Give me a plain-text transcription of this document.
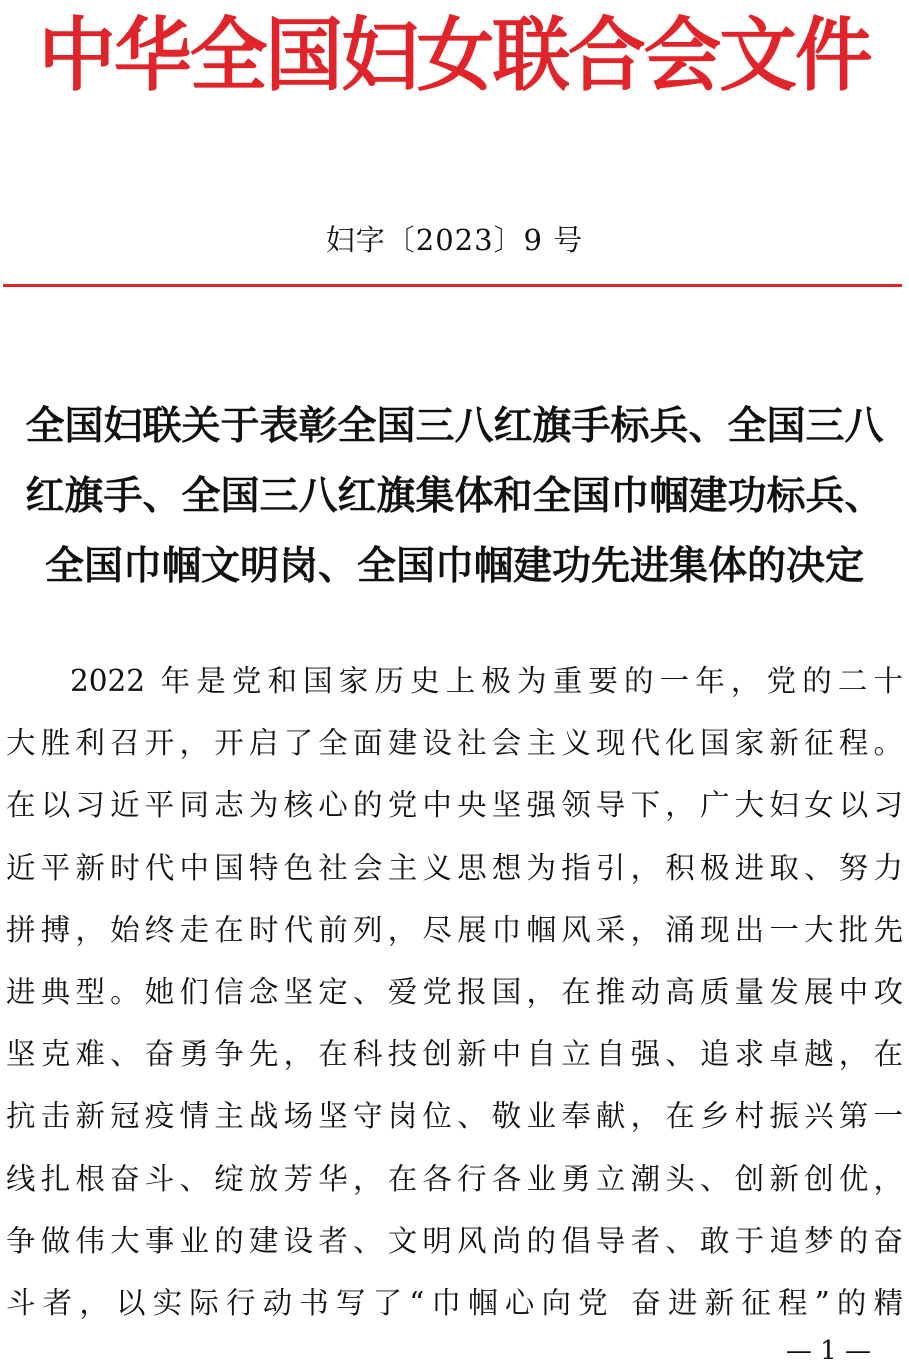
中华全国妇女联合会文件
妇字〔2023〕9 号
全国妇联关于表彰全国三八红旗手标兵、全国三八
红旗手、全国三八红旗集体和全国巾帼建功标兵、
全国巾帼文明岗、全国巾帼建功先进集体的决定
2022 年是党和国家历史上极为重要的一年，党的二十
大胜利召开，开启了全面建设社会主义现代化国家新征程。
在以习近平同志为核心的党中央坚强领导下，广大妇女以习
近平新时代中国特色社会主义思想为指引，积极进取、努力
拼搏，始终走在时代前列，尽展巾帼风采，涌现出一大批先
进典型。她们信念坚定、爱党报国，在推动高质量发展中攻
坚克难、奋勇争先，在科技创新中自立自强、追求卓越，在
抗击新冠疫情主战场坚守岗位、敬业奉献，在乡村振兴第一
线扎根奋斗、绽放芳华，在各行各业勇立潮头、创新创优，
争做伟大事业的建设者、文明风尚的倡导者、敢于追梦的奋
斗者，以实际行动书写了“巾帼心向党 奋进新征程”的精
— 1 —
